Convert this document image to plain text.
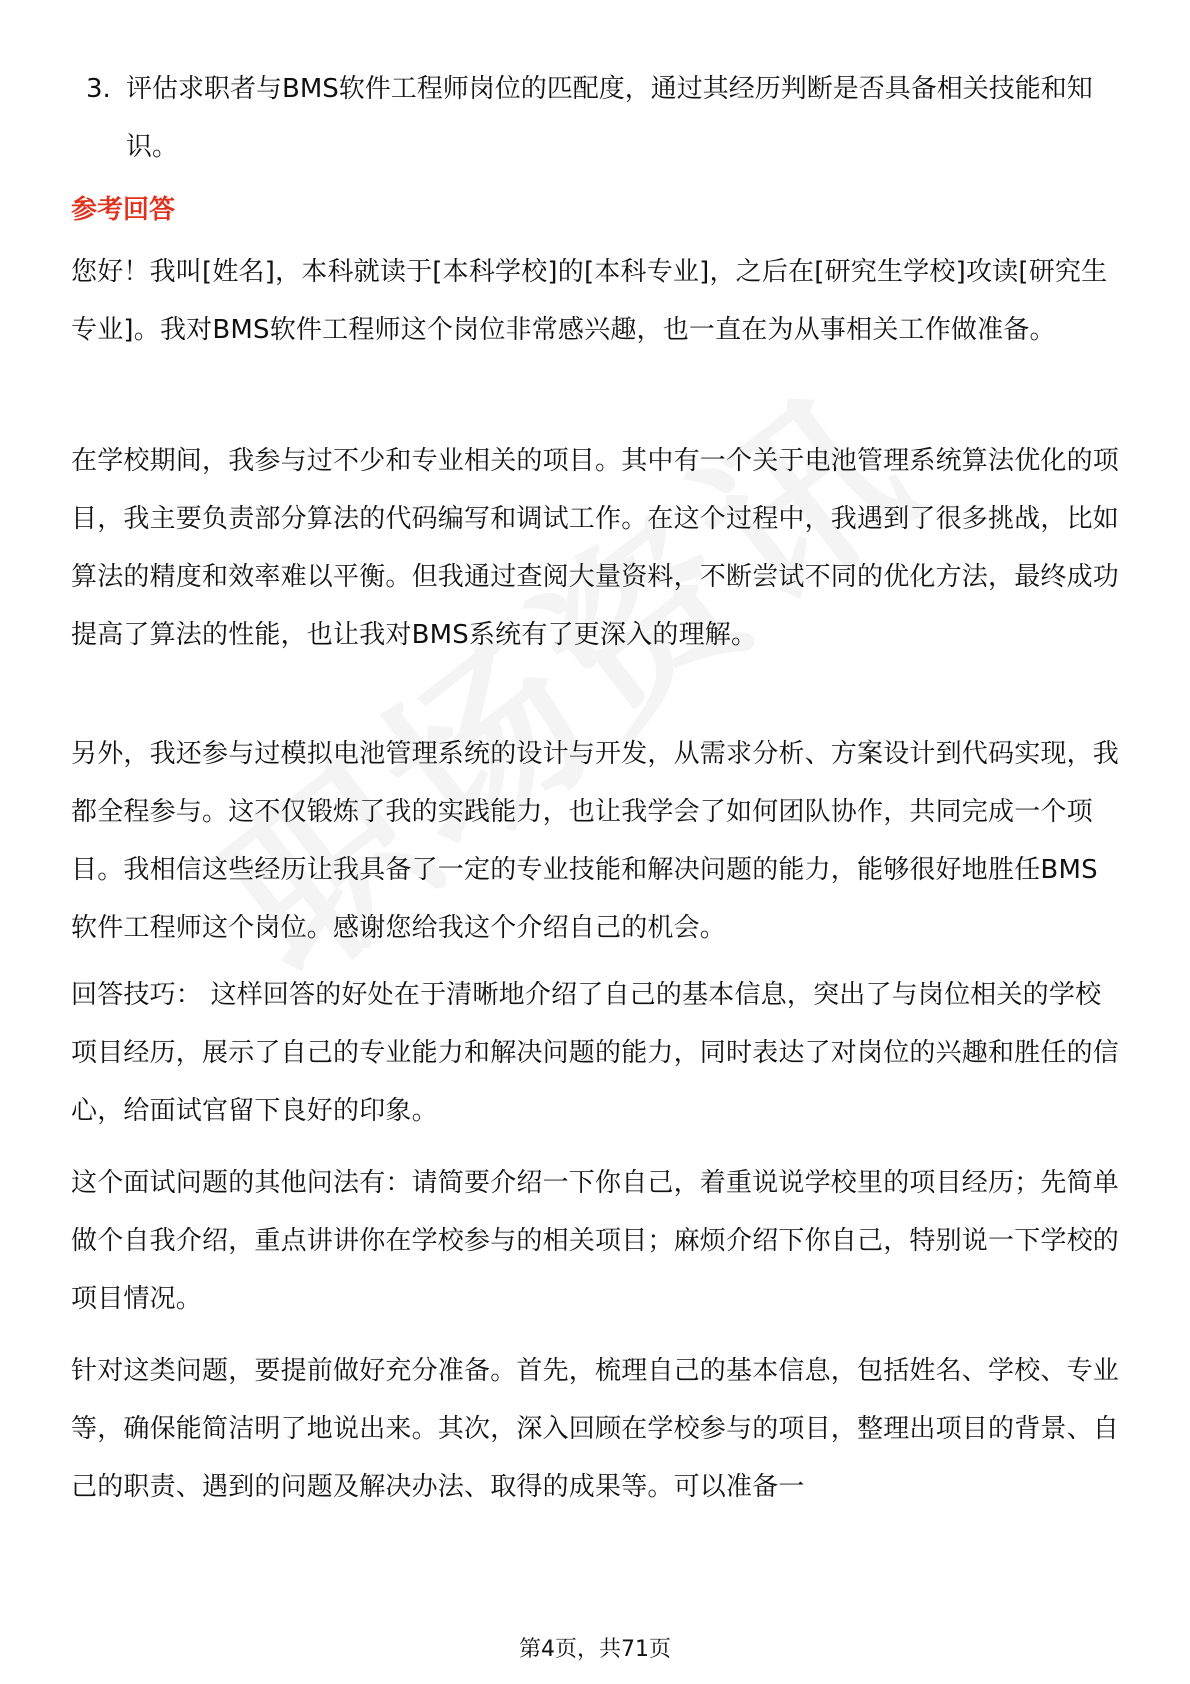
3. 评估求职者与BMS软件工程师岗位的匹配度，通过其经历判断是否具备相关技能和知识。

参考回答

您好！我叫[姓名]，本科就读于[本科学校]的[本科专业]，之后在[研究生学校]攻读[研究生专业]。我对BMS软件工程师这个岗位非常感兴趣，也一直在为从事相关工作做准备。

在学校期间，我参与过不少和专业相关的项目。其中有一个关于电池管理系统算法优化的项目，我主要负责部分算法的代码编写和调试工作。在这个过程中，我遇到了很多挑战，比如算法的精度和效率难以平衡。但我通过查阅大量资料，不断尝试不同的优化方法，最终成功提高了算法的性能，也让我对BMS系统有了更深入的理解。

另外，我还参与过模拟电池管理系统的设计与开发，从需求分析、方案设计到代码实现，我都全程参与。这不仅锻炼了我的实践能力，也让我学会了如何团队协作，共同完成一个项目。我相信这些经历让我具备了一定的专业技能和解决问题的能力，能够很好地胜任BMS软件工程师这个岗位。感谢您给我这个介绍自己的机会。

回答技巧： 这样回答的好处在于清晰地介绍了自己的基本信息，突出了与岗位相关的学校项目经历，展示了自己的专业能力和解决问题的能力，同时表达了对岗位的兴趣和胜任的信心，给面试官留下良好的印象。

这个面试问题的其他问法有：请简要介绍一下你自己，着重说说学校里的项目经历；先简单做个自我介绍，重点讲讲你在学校参与的相关项目；麻烦介绍下你自己，特别说一下学校的项目情况。

针对这类问题，要提前做好充分准备。首先，梳理自己的基本信息，包括姓名、学校、专业等，确保能简洁明了地说出来。其次，深入回顾在学校参与的项目，整理出项目的背景、自己的职责、遇到的问题及解决办法、取得的成果等。可以准备一

第4页，共71页
